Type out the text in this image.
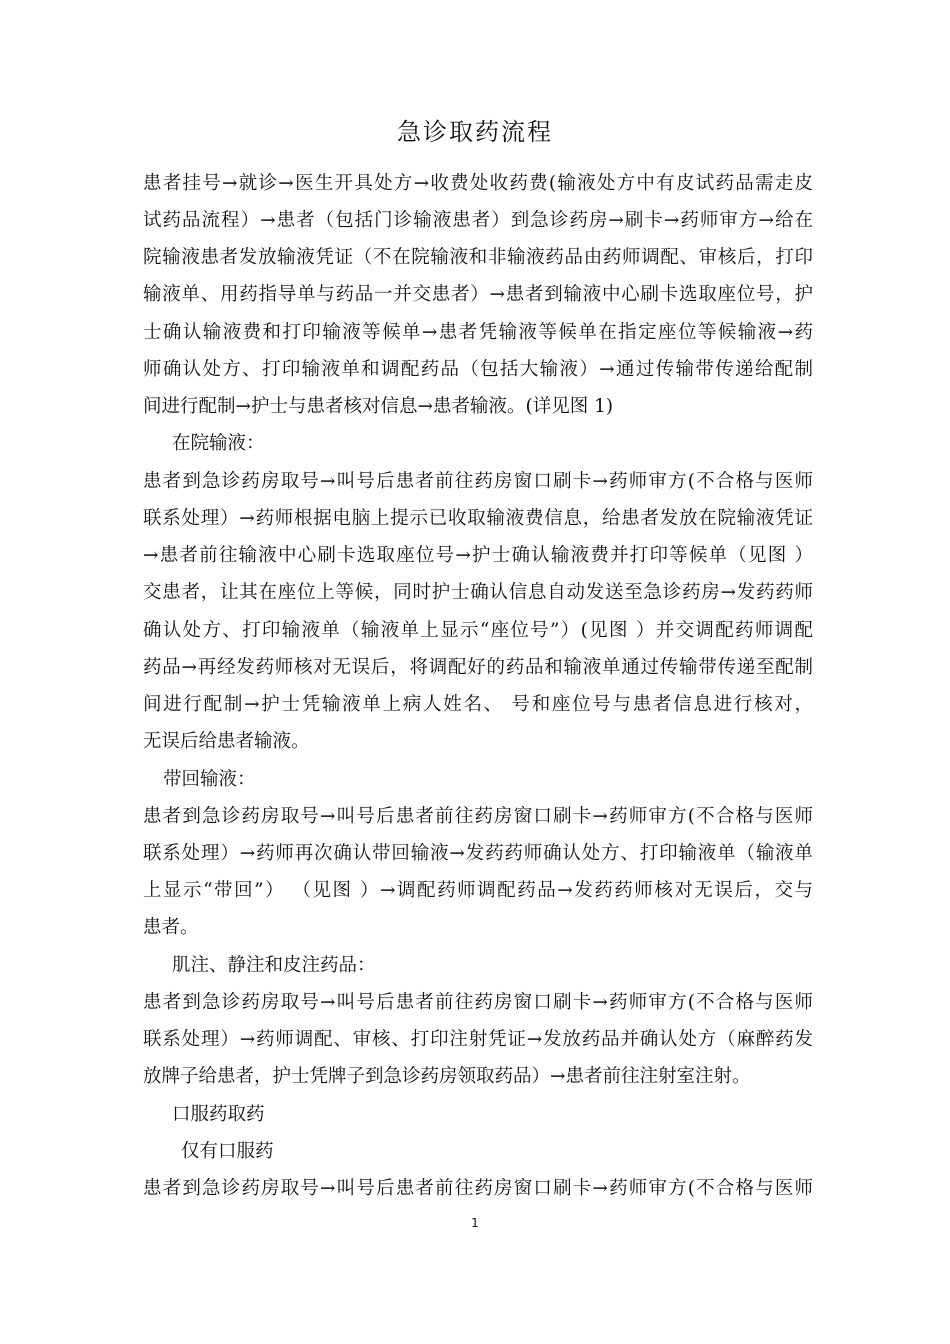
急诊取药流程
患者挂号→就诊→医生开具处方→收费处收药费(输液处方中有皮试药品需走皮
试药品流程）→患者（包括门诊输液患者）到急诊药房→刷卡→药师审方→给在
院输液患者发放输液凭证（不在院输液和非输液药品由药师调配、审核后，打印
输液单、用药指导单与药品一并交患者）→患者到输液中心刷卡选取座位号，护
士确认输液费和打印输液等候单→患者凭输液等候单在指定座位等候输液→药
师确认处方、打印输液单和调配药品（包括大输液）→通过传输带传递给配制
间进行配制→护士与患者核对信息→患者输液。(详见图 1)
在院输液：
患者到急诊药房取号→叫号后患者前往药房窗口刷卡→药师审方(不合格与医师
联系处理）→药师根据电脑上提示已收取输液费信息，给患者发放在院输液凭证
→患者前往输液中心刷卡选取座位号→护士确认输液费并打印等候单（见图 ）
交患者，让其在座位上等候，同时护士确认信息自动发送至急诊药房→发药药师
确认处方、打印输液单（输液单上显示“座位号”）(见图 ）并交调配药师调配
药品→再经发药师核对无误后，将调配好的药品和输液单通过传输带传递至配制
间进行配制→护士凭输液单上病人姓名、 号和座位号与患者信息进行核对，
无误后给患者输液。
带回输液：
患者到急诊药房取号→叫号后患者前往药房窗口刷卡→药师审方(不合格与医师
联系处理）→药师再次确认带回输液→发药药师确认处方、打印输液单（输液单
上显示“带回”） （见图 ）→调配药师调配药品→发药药师核对无误后，交与
患者。
肌注、静注和皮注药品：
患者到急诊药房取号→叫号后患者前往药房窗口刷卡→药师审方(不合格与医师
联系处理）→药师调配、审核、打印注射凭证→发放药品并确认处方（麻醉药发
放牌子给患者，护士凭牌子到急诊药房领取药品）→患者前往注射室注射。
口服药取药
仅有口服药
患者到急诊药房取号→叫号后患者前往药房窗口刷卡→药师审方(不合格与医师
1
